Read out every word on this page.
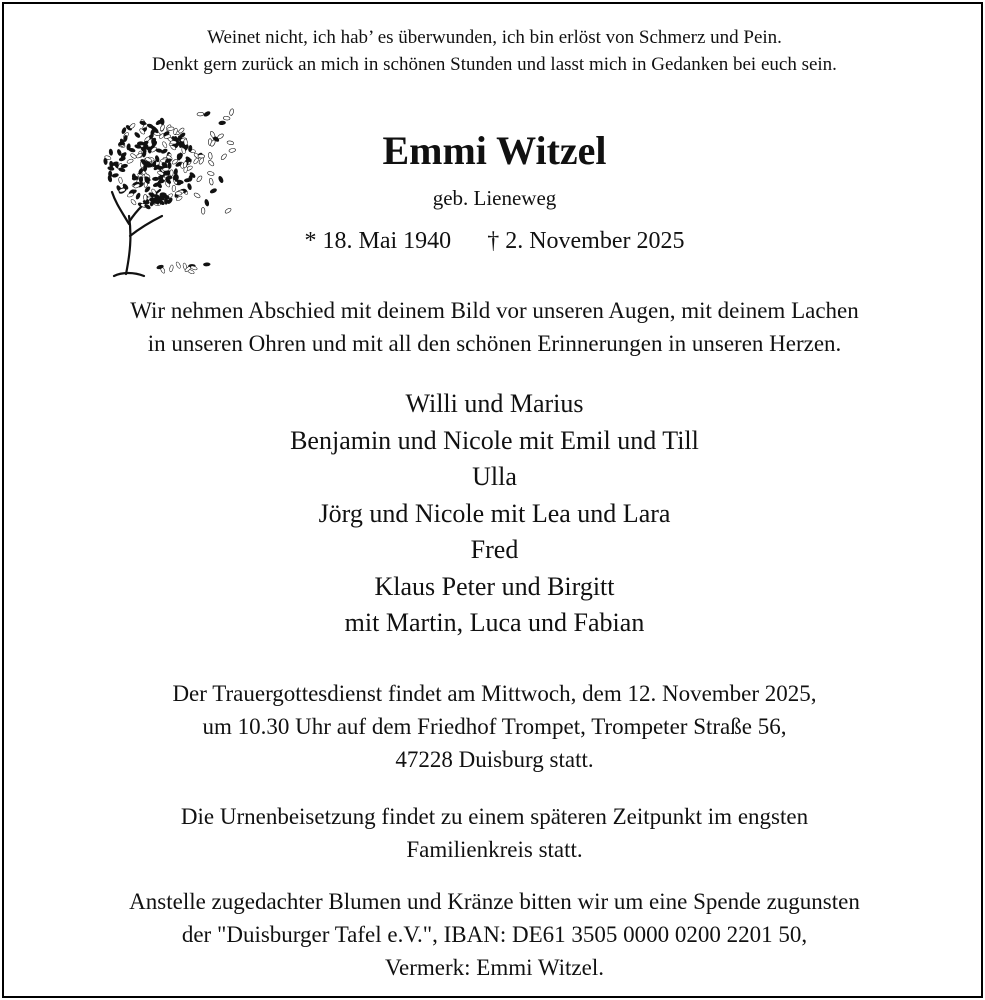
Weinet nicht, ich hab’ es überwunden, ich bin erlöst von Schmerz und Pein.
Denkt gern zurück an mich in schönen Stunden und lasst mich in Gedanken bei euch sein.
Emmi Witzel
geb. Lieneweg
* 18. Mai 1940 † 2. November 2025
Wir nehmen Abschied mit deinem Bild vor unseren Augen, mit deinem Lachen
in unseren Ohren und mit all den schönen Erinnerungen in unseren Herzen.
Willi und Marius
Benjamin und Nicole mit Emil und Till
Ulla
Jörg und Nicole mit Lea und Lara
Fred
Klaus Peter und Birgitt
mit Martin, Luca und Fabian
Der Trauergottesdienst findet am Mittwoch, dem 12. November 2025,
um 10.30 Uhr auf dem Friedhof Trompet, Trompeter Straße 56,
47228 Duisburg statt.
Die Urnenbeisetzung findet zu einem späteren Zeitpunkt im engsten
Familienkreis statt.
Anstelle zugedachter Blumen und Kränze bitten wir um eine Spende zugunsten
der "Duisburger Tafel e.V.", IBAN: DE61 3505 0000 0200 2201 50,
Vermerk: Emmi Witzel.
